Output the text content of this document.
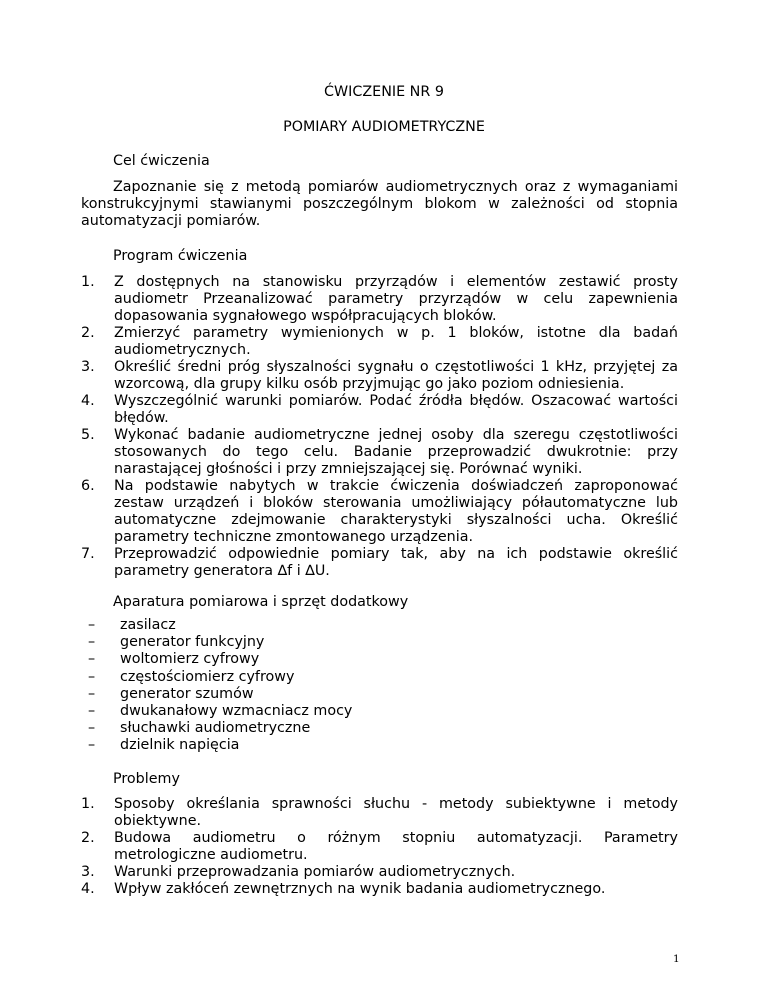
ĆWICZENIE NR 9
POMIARY AUDIOMETRYCZNE
Cel ćwiczenia
Zapoznanie się z metodą pomiarów audiometrycznych oraz z wymaganiami konstrukcyjnymi stawianymi poszczególnym blokom w zależności od stopnia automatyzacji pomiarów.
Program ćwiczenia
1. Z dostępnych na stanowisku przyrządów i elementów zestawić prosty audiometr Przeanalizować parametry przyrządów w celu zapewnienia dopasowania sygnałowego współpracujących bloków.
2. Zmierzyć parametry wymienionych w p. 1 bloków, istotne dla badań audiometrycznych.
3. Określić średni próg słyszalności sygnału o częstotliwości 1 kHz, przyjętej za wzorcową, dla grupy kilku osób przyjmując go jako poziom odniesienia.
4. Wyszczególnić warunki pomiarów. Podać źródła błędów. Oszacować wartości błędów.
5. Wykonać badanie audiometryczne jednej osoby dla szeregu częstotliwości stosowanych do tego celu. Badanie przeprowadzić dwukrotnie: przy narastającej głośności i przy zmniejszającej się. Porównać wyniki.
6. Na podstawie nabytych w trakcie ćwiczenia doświadczeń zaproponować zestaw urządzeń i bloków sterowania umożliwiający półautomatyczne lub automatyczne zdejmowanie charakterystyki słyszalności ucha. Określić parametry techniczne zmontowanego urządzenia.
7. Przeprowadzić odpowiednie pomiary tak, aby na ich podstawie określić parametry generatora ∆f i ∆U.
Aparatura pomiarowa i sprzęt dodatkowy
– zasilacz
– generator funkcyjny
– woltomierz cyfrowy
– częstościomierz cyfrowy
– generator szumów
– dwukanałowy wzmacniacz mocy
– słuchawki audiometryczne
– dzielnik napięcia
Problemy
1. Sposoby określania sprawności słuchu - metody subiektywne i metody obiektywne.
2. Budowa audiometru o różnym stopniu automatyzacji. Parametry metrologiczne audiometru.
3. Warunki przeprowadzania pomiarów audiometrycznych.
4. Wpływ zakłóceń zewnętrznych na wynik badania audiometrycznego.
1
